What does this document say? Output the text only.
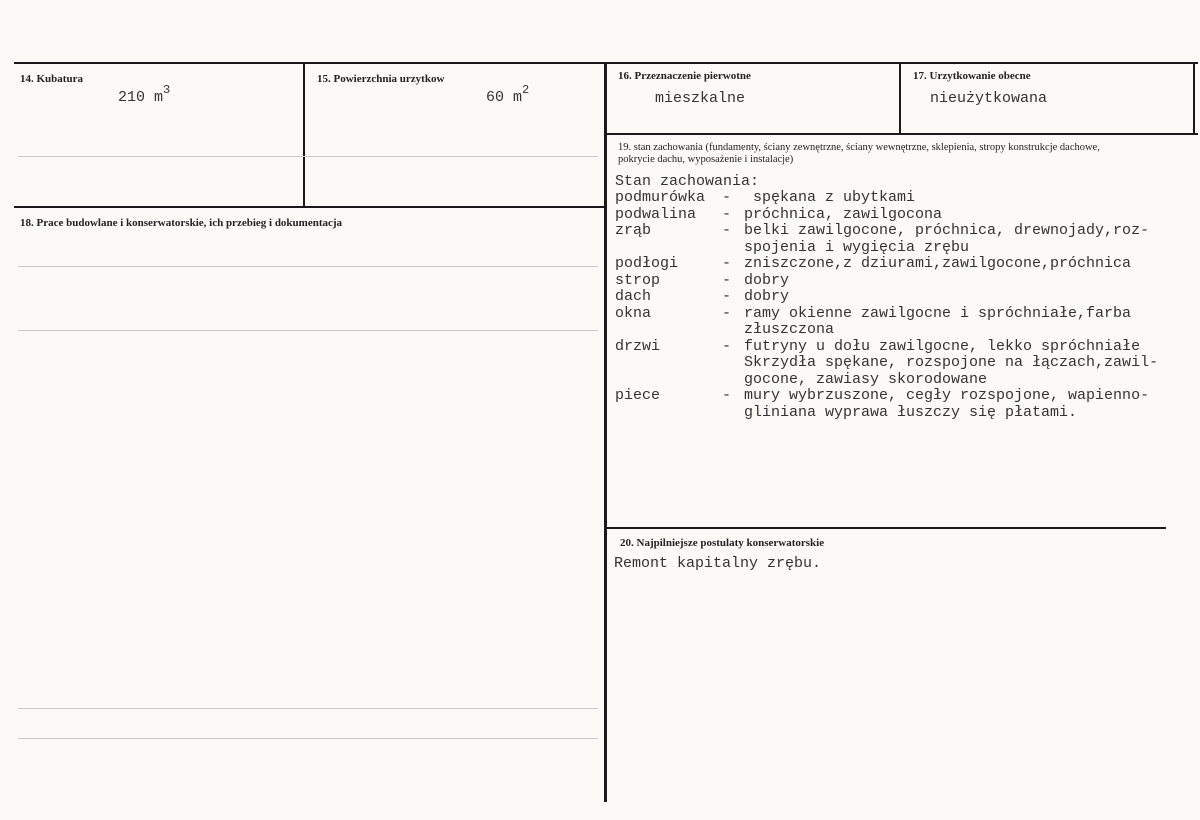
14. Kubatura
210 $m^3$
15. Powierzchnia urzytkow
60 $m^2$
16. Przeznaczenie pierwotne
mieszkalne
17. Urzytkowanie obecne
nieużytkowana
18. Prace budowlane i konserwatorskie, ich przebieg i dokumentacja
19. stan zachowania (fundamenty, ściany zewnętrzne, ściany wewnętrzne, sklepienia, stropy konstrukcje dachowe, pokrycie dachu, wyposażenie i instalacje)
Stan zachowania:
podmurówka	- spękana z ubytkami
podwalina	- próchnica, zawilgocona
zrąb	- belki zawilgocone, próchnica, drewnojady,roz-
spojenia i wygięcia zrębu
podłogi	- zniszczone,z dziurami,zawilgocone,próchnica
strop	- dobry
dach	- dobry
okna	- ramy okienne zawilgocne i spróchniałe,farba
złuszczona
drzwi	- futryny u dołu zawilgocne, lekko spróchniałe
Skrzydła spękane, rozspojone na łączach,zawil-
gocone, zawiasy skorodowane
piece	- mury wybrzuszone, cegły rozspojone, wapienno-
gliniana wyprawa łuszczy się płatami.
20. Najpilniejsze postulaty konserwatorskie
Remont kapitalny zrębu.
